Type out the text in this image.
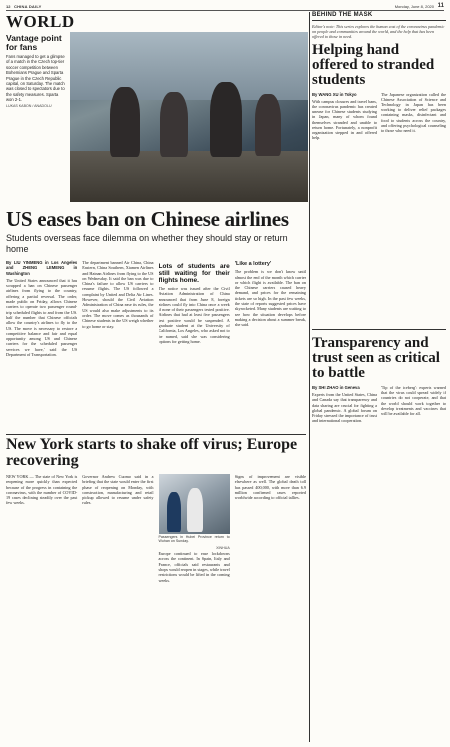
12 CHINA DAILY	Monday, June 8, 2020 11
WORLD
Vantage point for fans
Fans managed to get a glimpse of a match in the Czech top-tier soccer competition between Bohemians Prague and Sparta Prague in the Czech Republic capital, on Saturday. The match was closed to spectators due to the safety measures. Sparta won 2-1.
LUKAS KABON / ANADOLU
US eases ban on Chinese airlines
Students overseas face dilemma on whether they should stay or return home
By LIU YINMENG in Los Angeles and ZHENG LEMENG in Washington
The United States announced that it has scrapped a ban on Chinese passenger airlines from flying to the country, offering a partial reversal. The order, made public on Friday, allows Chinese carriers to operate two passenger round-trip scheduled flights to and from the US. half the number that Chinese officials allow the country's airlines to fly to the US. The move is necessary to restore a competitive balance and fair and equal opportunity among US and Chinese carriers for the scheduled passenger services we have,' said the US Department of Transportation.
The department banned Air China, China Eastern, China Southern, Xiamen Airlines and Hainan Airlines from flying to the US on Wednesday. It said the ban was due to China's failure to allow US carriers to resume flights. The US followed a complaint by United and Delta Air Lines. However, should the Civil Aviation Administration of China ease its rules, the US would also make adjustments to its order. The move comes as thousands of Chinese students in the US weigh whether to go home or stay.
Lots of students are still waiting for their flights home.
The notice was issued after the Civil Aviation Administration of China announced that from June 8, foreign airlines could fly into China once a week if none of their passengers tested positive. Airlines that had at least five passengers test positive would be suspended. A graduate student at the University of California, Los Angeles, who asked not to be named, said she was considering options for getting home.
'Like a lottery'
The problem is we don't know until almost the end of the month which carrier or which flight is available. The ban on the Chinese carriers caused heavy demand, and prices for the remaining tickets are so high. In the past few weeks, the state of reports suggested prices have skyrocketed. Many students are waiting to see how the situation develops before making a decision about a summer break, she said.
BEHIND THE MASK
Editor's note: This series explores the human cost of the coronavirus pandemic on people and communities around the world, and the help that has been offered to those in need.
Helping hand offered to stranded students
By WANG XU in Tokyo
With campus closures and travel bans, the coronavirus pandemic has created unease for Chinese students studying in Japan, many of whom found themselves stranded and unable to return home. Fortunately, a nonprofit organization stepped in and offered help.
The Japanese organization called the Chinese Association of Science and Technology in Japan has been working to deliver relief packages containing masks, disinfectant and food to students across the country, and offering psychological counseling to those who need it.
Transparency and trust seen as critical to battle
By SHI ZHAO in Geneva
Experts from the United States, China and Canada say that transparency and data sharing are crucial for fighting a global pandemic. A global forum on Friday stressed the importance of trust and international cooperation.
'Tip of the iceberg': experts warned that the virus could spread widely if countries do not cooperate, and that the world should work together to develop treatments and vaccines that will be available for all.
New York starts to shake off virus; Europe recovering
NEW YORK — The state of New York is reopening more quickly than expected because of the progress in containing the coronavirus, with the number of COVID-19 cases declining steadily over the past few weeks.
Governor Andrew Cuomo said in a briefing that the state would enter the first phase of reopening on Monday, with construction, manufacturing and retail pickup allowed to resume under safety rules.
Passengers in Hubei Province return to Wuhan on Sunday.
XINHUA
Europe continued to ease lockdowns across the continent. In Spain, Italy and France, officials said restaurants and shops would reopen in stages, while travel restrictions would be lifted in the coming weeks.
Signs of improvement are visible elsewhere as well. The global death toll has passed 400,000, with more than 6.9 million confirmed cases reported worldwide according to official tallies.
